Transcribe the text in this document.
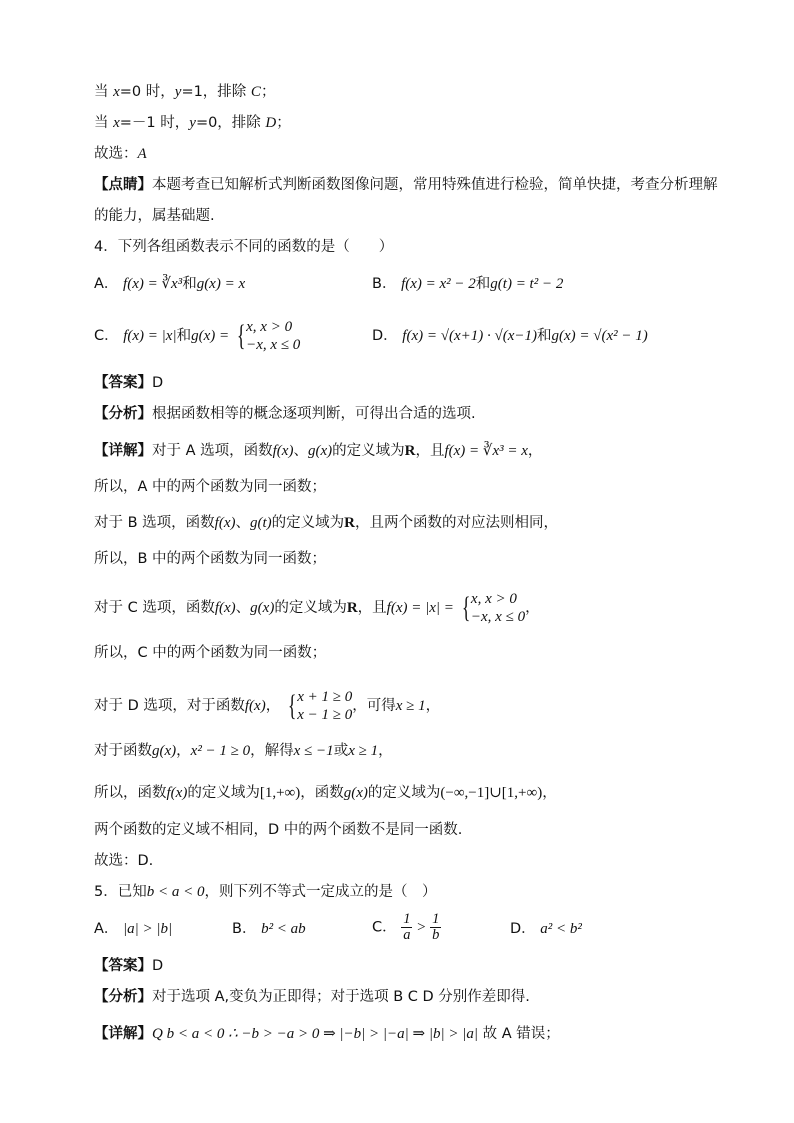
当 x=0 时，y=1，排除 C；
当 x=－1 时，y=0，排除 D；
故选：A
【点睛】本题考查已知解析式判断函数图像问题，常用特殊值进行检验，简单快捷，考查分析理解
的能力，属基础题.
4．下列各组函数表示不同的函数的是（　　）
A． f(x) = ∛x³和g(x) = x	B． f(x) = x² − 2和g(t) = t² − 2
C． f(x) = |x|和g(x) = { x, x > 0
−x, x ≤ 0
D． f(x) = √(x+1) · √(x−1)和g(x) = √(x² − 1)
【答案】D
【分析】根据函数相等的概念逐项判断，可得出合适的选项.
【详解】对于 A 选项，函数f(x)、g(x)的定义域为R，且f(x) = ∛x³ = x，
所以，A 中的两个函数为同一函数；
对于 B 选项，函数f(x)、g(t)的定义域为R，且两个函数的对应法则相同，
所以，B 中的两个函数为同一函数；
对于 C 选项，函数f(x)、g(x)的定义域为R，且f(x) = |x| = { x, x > 0
−x, x ≤ 0
，
所以，C 中的两个函数为同一函数；
对于 D 选项，对于函数f(x)， { x + 1 ≥ 0
x − 1 ≥ 0
，可得x ≥ 1，
对于函数g(x)，x² − 1 ≥ 0，解得x ≤ −1或x ≥ 1，
所以，函数f(x)的定义域为[1,+∞)，函数g(x)的定义域为(−∞,−1]∪[1,+∞)，
两个函数的定义域不相同，D 中的两个函数不是同一函数.
故选：D.
5．已知b < a < 0，则下列不等式一定成立的是（　）
A． |a| > |b|	B． b² < ab	C． $\frac{1}{a} > \frac{1}{b}$	D． a² < b²
【答案】D
【分析】对于选项 A,变负为正即得；对于选项 B C D 分别作差即得.
【详解】Q b < a < 0 ∴ −b > −a > 0 ⇒ |−b| > |−a| ⇒ |b| > |a| 故 A 错误；
